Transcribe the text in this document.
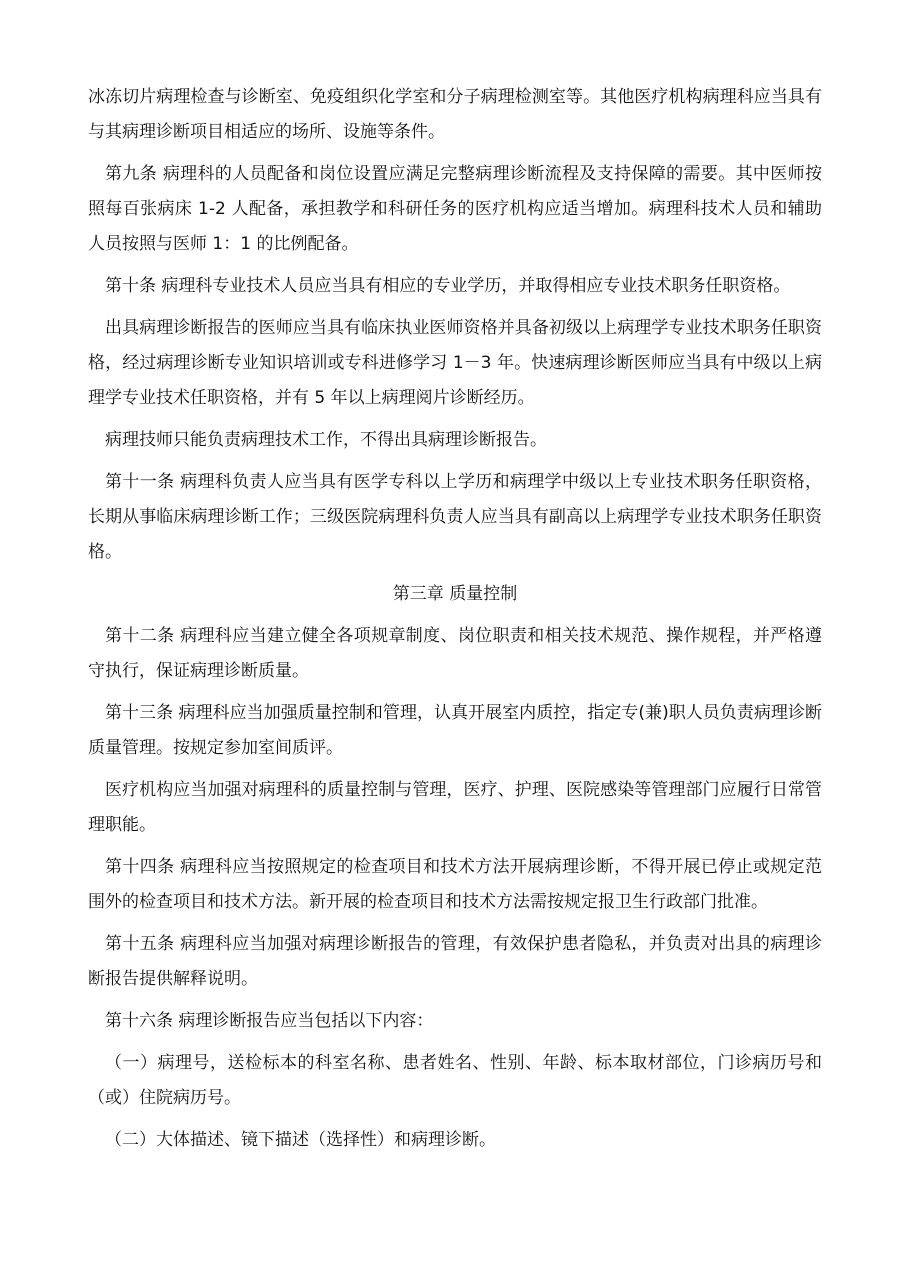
冰冻切片病理检查与诊断室、免疫组织化学室和分子病理检测室等。其他医疗机构病理科应当具有与其病理诊断项目相适应的场所、设施等条件。

第九条 病理科的人员配备和岗位设置应满足完整病理诊断流程及支持保障的需要。其中医师按照每百张病床 1-2 人配备，承担教学和科研任务的医疗机构应适当增加。病理科技术人员和辅助人员按照与医师 1：1 的比例配备。

第十条 病理科专业技术人员应当具有相应的专业学历，并取得相应专业技术职务任职资格。

出具病理诊断报告的医师应当具有临床执业医师资格并具备初级以上病理学专业技术职务任职资格，经过病理诊断专业知识培训或专科进修学习 1－3 年。快速病理诊断医师应当具有中级以上病理学专业技术任职资格，并有 5 年以上病理阅片诊断经历。

病理技师只能负责病理技术工作，不得出具病理诊断报告。

第十一条 病理科负责人应当具有医学专科以上学历和病理学中级以上专业技术职务任职资格，长期从事临床病理诊断工作；三级医院病理科负责人应当具有副高以上病理学专业技术职务任职资格。

第三章 质量控制

第十二条 病理科应当建立健全各项规章制度、岗位职责和相关技术规范、操作规程，并严格遵守执行，保证病理诊断质量。

第十三条 病理科应当加强质量控制和管理，认真开展室内质控，指定专(兼)职人员负责病理诊断质量管理。按规定参加室间质评。

医疗机构应当加强对病理科的质量控制与管理，医疗、护理、医院感染等管理部门应履行日常管理职能。

第十四条 病理科应当按照规定的检查项目和技术方法开展病理诊断，不得开展已停止或规定范围外的检查项目和技术方法。新开展的检查项目和技术方法需按规定报卫生行政部门批准。

第十五条 病理科应当加强对病理诊断报告的管理，有效保护患者隐私，并负责对出具的病理诊断报告提供解释说明。

第十六条 病理诊断报告应当包括以下内容：

（一）病理号，送检标本的科室名称、患者姓名、性别、年龄、标本取材部位，门诊病历号和（或）住院病历号。

（二）大体描述、镜下描述（选择性）和病理诊断。
